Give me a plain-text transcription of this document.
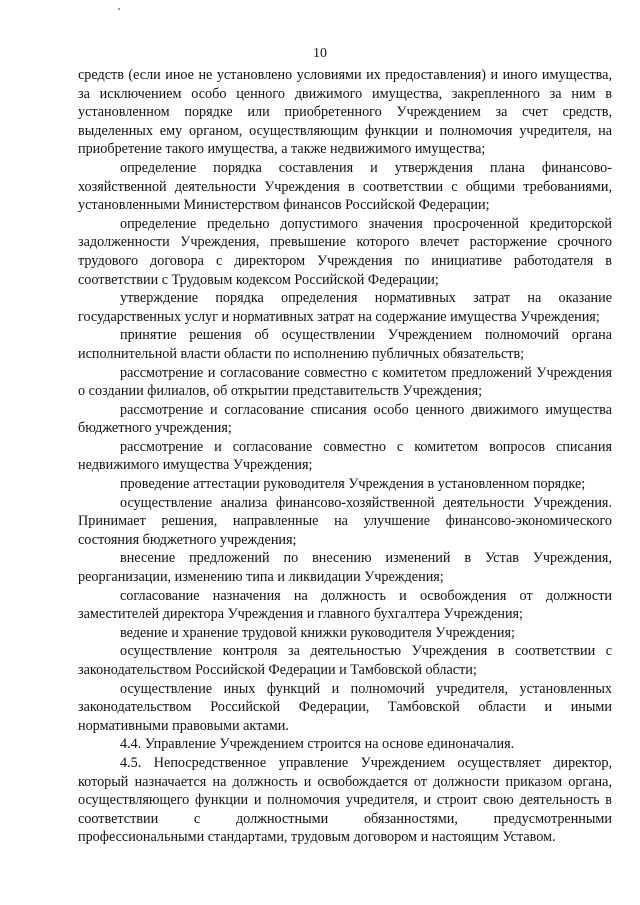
10

средств (если иное не установлено условиями их предоставления) и иного имущества, за исключением особо ценного движимого имущества, закрепленного за ним в установленном порядке или приобретенного Учреждением за счет средств, выделенных ему органом, осуществляющим функции и полномочия учредителя, на приобретение такого имущества, а также недвижимого имущества;

определение порядка составления и утверждения плана финансово-хозяйственной деятельности Учреждения в соответствии с общими требованиями, установленными Министерством финансов Российской Федерации;

определение предельно допустимого значения просроченной кредиторской задолженности Учреждения, превышение которого влечет расторжение срочного трудового договора с директором Учреждения по инициативе работодателя в соответствии с Трудовым кодексом Российской Федерации;

утверждение порядка определения нормативных затрат на оказание государственных услуг и нормативных затрат на содержание имущества Учреждения;

принятие решения об осуществлении Учреждением полномочий органа исполнительной власти области по исполнению публичных обязательств;

рассмотрение и согласование совместно с комитетом предложений Учреждения о создании филиалов, об открытии представительств Учреждения;

рассмотрение и согласование списания особо ценного движимого имущества бюджетного учреждения;

рассмотрение и согласование совместно с комитетом вопросов списания недвижимого имущества Учреждения;

проведение аттестации руководителя Учреждения в установленном порядке;

осуществление анализа финансово-хозяйственной деятельности Учреждения. Принимает решения, направленные на улучшение финансово-экономического состояния бюджетного учреждения;

внесение предложений по внесению изменений в Устав Учреждения, реорганизации, изменению типа и ликвидации Учреждения;

согласование назначения на должность и освобождения от должности заместителей директора Учреждения и главного бухгалтера Учреждения;

ведение и хранение трудовой книжки руководителя Учреждения;

осуществление контроля за деятельностью Учреждения в соответствии с законодательством Российской Федерации и Тамбовской области;

осуществление иных функций и полномочий учредителя, установленных законодательством Российской Федерации, Тамбовской области и иными нормативными правовыми актами.

4.4. Управление Учреждением строится на основе единоначалия.

4.5. Непосредственное управление Учреждением осуществляет директор, который назначается на должность и освобождается от должности приказом органа, осуществляющего функции и полномочия учредителя, и строит свою деятельность в соответствии с должностными обязанностями, предусмотренными профессиональными стандартами, трудовым договором и настоящим Уставом.
